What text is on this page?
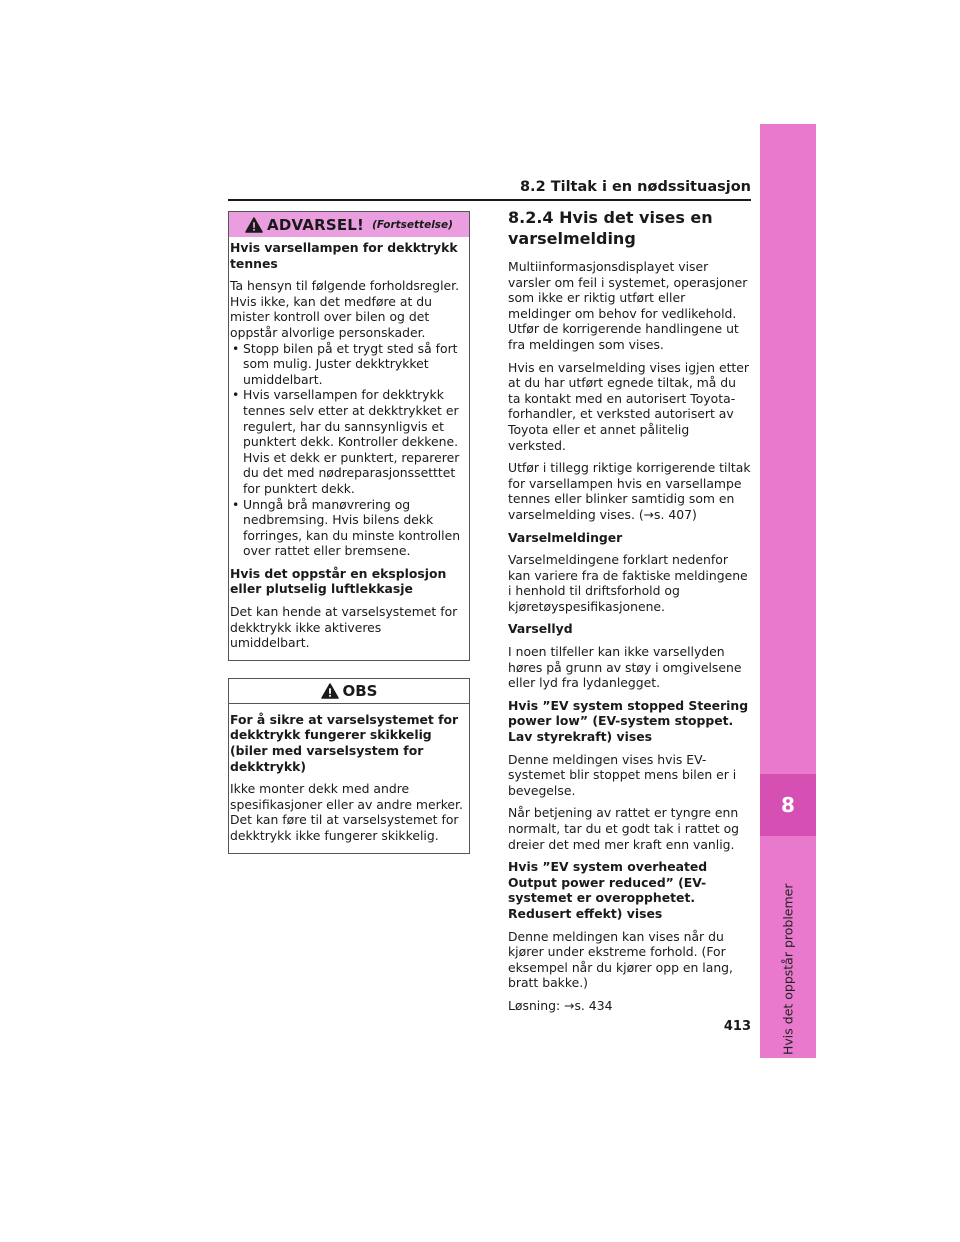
8
Hvis det oppstår problemer
8.2 Tiltak i en nødssituasjon
ADVARSEL! (Fortsettelse)

Hvis varsellampen for dekktrykk tennes

Ta hensyn til følgende forholdsregler. Hvis ikke, kan det medføre at du mister kontroll over bilen og det oppstår alvorlige personskader.

• Stopp bilen på et trygt sted så fort som mulig. Juster dekktrykket umiddelbart.
• Hvis varsellampen for dekktrykk tennes selv etter at dekktrykket er regulert, har du sannsynligvis et punktert dekk. Kontroller dekkene. Hvis et dekk er punktert, reparerer du det med nødreparasjonssetttet for punktert dekk.
• Unngå brå manøvrering og nedbremsing. Hvis bilens dekk forringes, kan du minste kontrollen over rattet eller bremsene.

Hvis det oppstår en eksplosjon eller plutselig luftlekkasje

Det kan hende at varselsystemet for dekktrykk ikke aktiveres umiddelbart.

OBS

For å sikre at varselsystemet for dekktrykk fungerer skikkelig (biler med varselsystem for dekktrykk)

Ikke monter dekk med andre spesifikasjoner eller av andre merker. Det kan føre til at varselsystemet for dekktrykk ikke fungerer skikkelig.

8.2.4 Hvis det vises en varselmelding

Multiinformasjonsdisplayet viser varsler om feil i systemet, operasjoner som ikke er riktig utført eller meldinger om behov for vedlikehold. Utfør de korrigerende handlingene ut fra meldingen som vises.

Hvis en varselmelding vises igjen etter at du har utført egnede tiltak, må du ta kontakt med en autorisert Toyota-forhandler, et verksted autorisert av Toyota eller et annet pålitelig verksted.

Utfør i tillegg riktige korrigerende tiltak for varsellampen hvis en varsellampe tennes eller blinker samtidig som en varselmelding vises. (→s. 407)

Varselmeldinger

Varselmeldingene forklart nedenfor kan variere fra de faktiske meldingene i henhold til driftsforhold og kjøretøyspesifikasjonene.

Varsellyd

I noen tilfeller kan ikke varsellyden høres på grunn av støy i omgivelsene eller lyd fra lydanlegget.

Hvis ”EV system stopped Steering power low” (EV-system stoppet. Lav styrekraft) vises

Denne meldingen vises hvis EV-systemet blir stoppet mens bilen er i bevegelse.

Når betjening av rattet er tyngre enn normalt, tar du et godt tak i rattet og dreier det med mer kraft enn vanlig.

Hvis ”EV system overheated Output power reduced” (EV-systemet er overopphetet. Redusert effekt) vises

Denne meldingen kan vises når du kjører under ekstreme forhold. (For eksempel når du kjører opp en lang, bratt bakke.)

Løsning: →s. 434

413
